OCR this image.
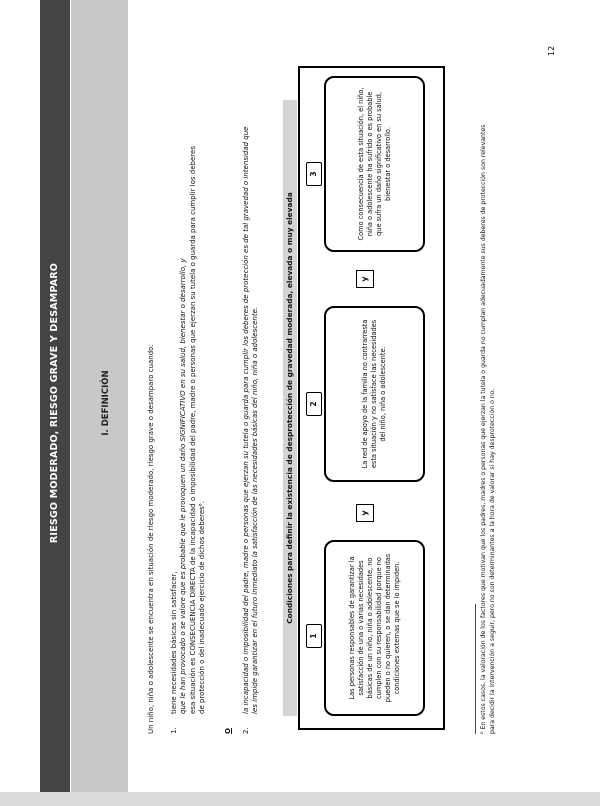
RIESGO MODERADO, RIESGO GRAVE Y DESAMPARO	I. DEFINICIÓN	Un niño, niña o adolescente se encuentra en situación de riesgo moderado, riesgo grave o desamparo cuando: 1.
tiene necesidades básicas sin satisfacer, que le han provocado o se valore que es probable que le provoquen un daño SIGNIFICATIVO en su salud, bienestar o desarrollo, y esa situación es CONSECUENCIA DIRECTA de la incapacidad o imposibilidad del padre, madre o personas que ejerzan su tutela o guarda para cumplir los deberes de protección o del inadecuado ejercicio de dichos deberes⁶.
O 2.
la incapacidad o imposibilidad del padre, madre o personas que ejerzan su tutela o guarda para cumplir los deberes de protección es de tal gravedad o intensidad que les impide garantizar en el futuro inmediato la satisfacción de las necesidades básicas del niño, niña o adolescente.	Condiciones para definir la existencia de desprotección de gravedad moderada, elevada o muy elevada
1	Las personas responsables de garantizar la satisfacción de una o varias necesidades básicas de un niño, niña o adolescente, no cumplen con su responsabilidad porque no pueden o no quieren, o se dan determinadas condiciones externas que se lo impiden.
y
2	La red de apoyo de la familia no contrarresta esta situación y no satisface las necesidades del niño, niña o adolescente.
y
3	Como consecuencia de esta situación, el niño, niña o adolescente ha sufrido o es probable que sufra un daño significativo en su salud, bienestar o desarrollo.	⁶ En estos casos, la valoración de los factores que motivan que los padres, madres o personas que ejerzan la tutela o guarda no cumplan adecuadamente sus deberes de protección son relevantes para decidir la intervención a seguir, pero no son determinantes a la hora de valorar si hay desprotección o no.
12
